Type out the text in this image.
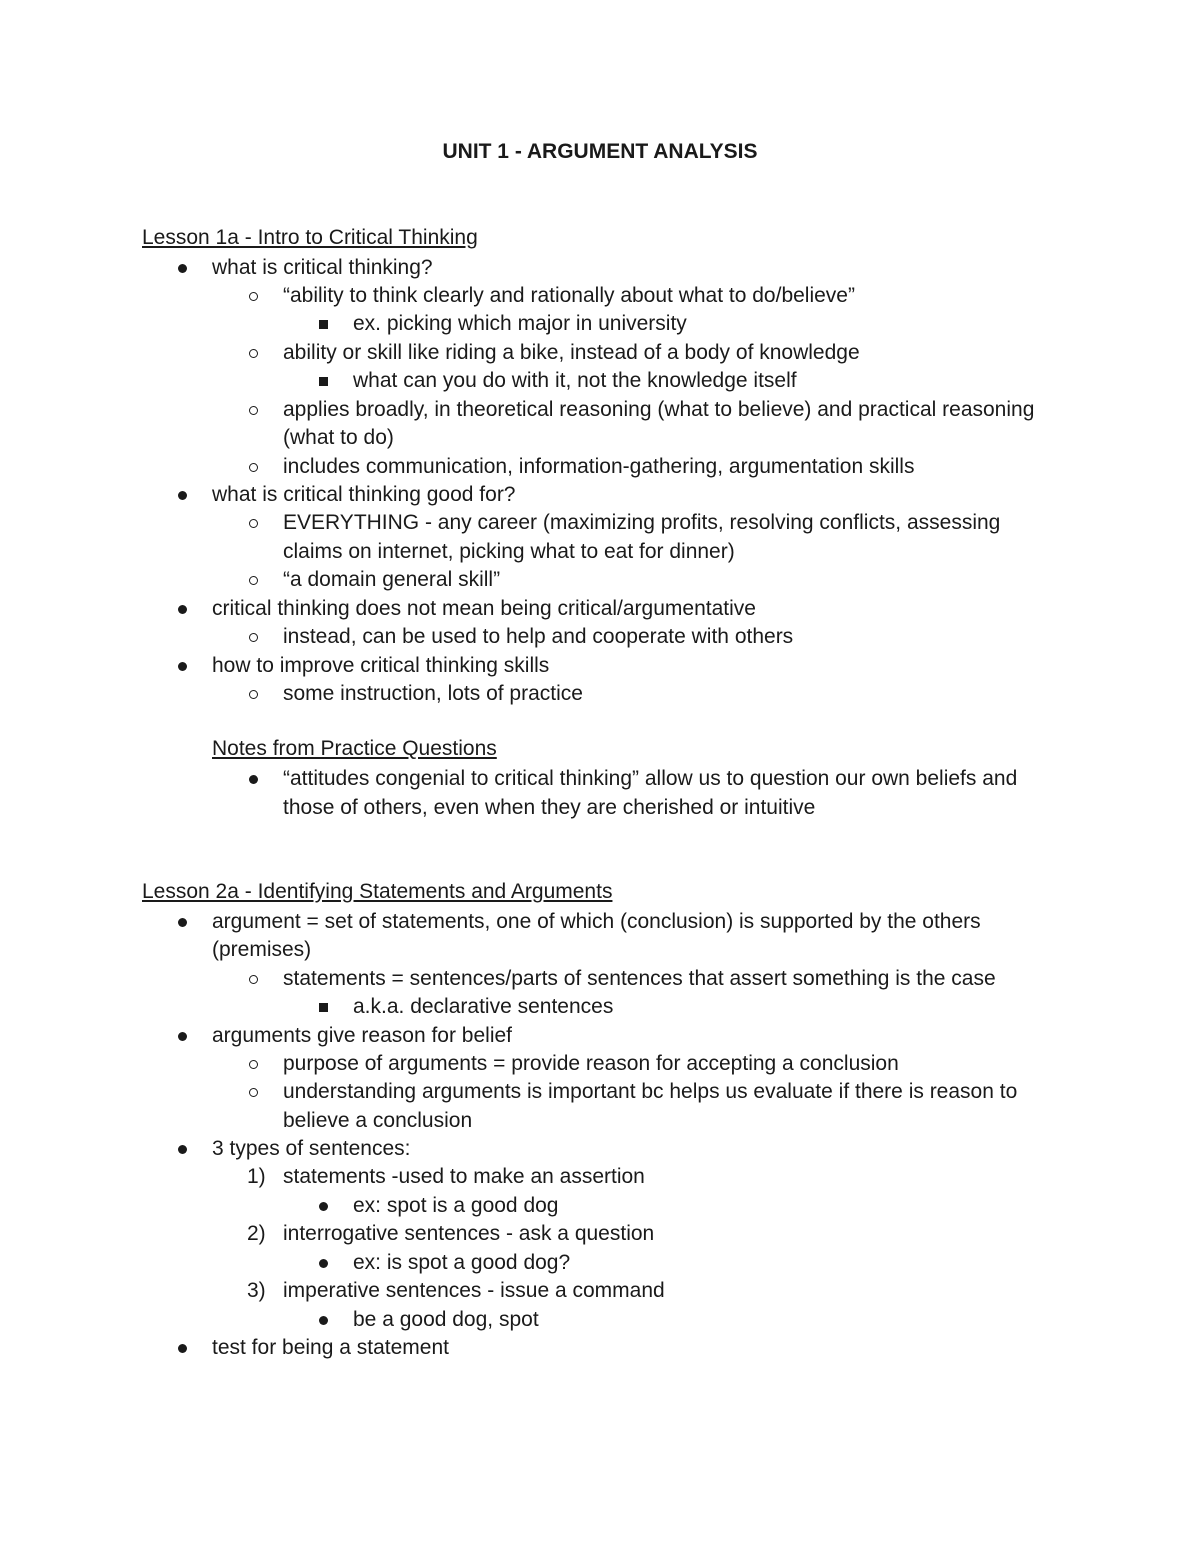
UNIT 1 - ARGUMENT ANALYSIS
Lesson 1a - Intro to Critical Thinking
what is critical thinking?
“ability to think clearly and rationally about what to do/believe”
ex. picking which major in university
ability or skill like riding a bike, instead of a body of knowledge
what can you do with it, not the knowledge itself
applies broadly, in theoretical reasoning (what to believe) and practical reasoning
(what to do)
includes communication, information-gathering, argumentation skills
what is critical thinking good for?
EVERYTHING - any career (maximizing profits, resolving conflicts, assessing
claims on internet, picking what to eat for dinner)
“a domain general skill”
critical thinking does not mean being critical/argumentative
instead, can be used to help and cooperate with others
how to improve critical thinking skills
some instruction, lots of practice
Notes from Practice Questions
“attitudes congenial to critical thinking” allow us to question our own beliefs and
those of others, even when they are cherished or intuitive
Lesson 2a - Identifying Statements and Arguments
argument = set of statements, one of which (conclusion) is supported by the others
(premises)
statements = sentences/parts of sentences that assert something is the case
a.k.a. declarative sentences
arguments give reason for belief
purpose of arguments = provide reason for accepting a conclusion
understanding arguments is important bc helps us evaluate if there is reason to
believe a conclusion
3 types of sentences:
statements -used to make an assertion
1)
ex: spot is a good dog
interrogative sentences - ask a question
2)
ex: is spot a good dog?
imperative sentences - issue a command
3)
be a good dog, spot
test for being a statement
